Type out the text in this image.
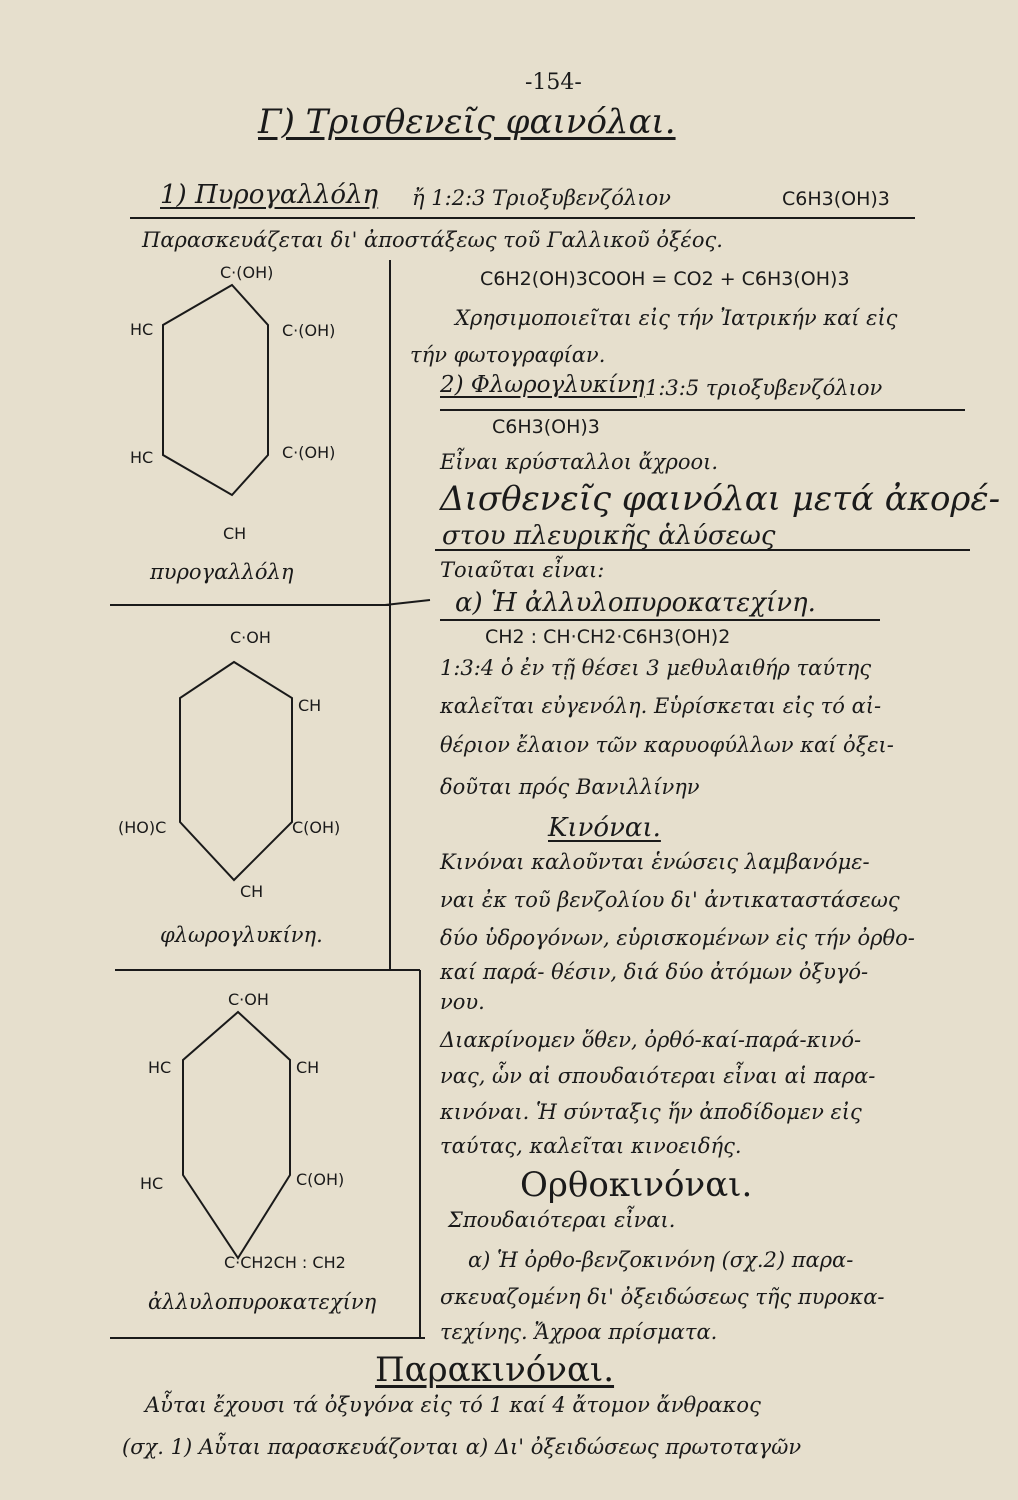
-154-
Γ) Τρισθενεῖς φαινόλαι.
1) Πυρογαλλόλη ἤ 1:2:3 Τριοξυβενζόλιον	C6H3(OH)3
Παρασκευάζεται δι' ἀποστάξεως τοῦ Γαλλικοῦ ὀξέος.
C6H2(OH)3COOH = CO2 + C6H3(OH)3
Χρησιμοποιεῖται εἰς τήν Ἰατρικήν καί εἰς
τήν φωτογραφίαν.
C·(OH)
HC	C·(OH)
HC	C·(OH)
CH
πυρογαλλόλη
2) Φλωρογλυκίνη 1:3:5 τριοξυβενζόλιον
C6H3(OH)3
Εἶναι κρύσταλλοι ἄχροοι.
Δισθενεῖς φαινόλαι μετά ἀκορέ-
στου πλευρικῆς ἁλύσεως
Τοιαῦται εἶναι:
α) Ἡ ἀλλυλοπυροκατεχίνη.
CH2 : CH·CH2·C6H3(OH)2
1:3:4 ὁ ἐν τῇ θέσει 3 μεθυλαιθήρ ταύτης
καλεῖται εὐγενόλη. Εὑρίσκεται εἰς τό αἰ-
θέριον ἔλαιον τῶν καρυοφύλλων καί ὀξει-
δοῦται πρός Βανιλλίνην
C·OH
CH
(HO)C	C(OH)
CH
φλωρογλυκίνη.
Κινόναι.
Κινόναι καλοῦνται ἑνώσεις λαμβανόμε-
ναι ἐκ τοῦ βενζολίου δι' ἀντικαταστάσεως
δύο ὑδρογόνων, εὑρισκομένων εἰς τήν ὀρθο-
καί παρά- θέσιν, διά δύο ἀτόμων ὀξυγό-
νου.
Διακρίνομεν ὅθεν, ὀρθό-καί-παρά-κινό-
νας, ὧν αἱ σπουδαιότεραι εἶναι αἱ παρα-
κινόναι. Ἡ σύνταξις ἥν ἀποδίδομεν εἰς
ταύτας, καλεῖται κινοειδής.
C·OH
HC	CH
HC	C(OH)
C·CH2CH : CH2
ἀλλυλοπυροκατεχίνη
Ορθοκινόναι.
Σπουδαιότεραι εἶναι.
α) Ἡ ὀρθο-βενζοκινόνη (σχ.2) παρα-
σκευαζομένη δι' ὀξειδώσεως τῆς πυροκα-
τεχίνης. Ἄχροα πρίσματα.
Παρακινόναι.
Αὗται ἔχουσι τά ὀξυγόνα εἰς τό 1 καί 4 ἄτομον ἄνθρακος
(σχ. 1) Αὗται παρασκευάζονται α) Δι' ὀξειδώσεως πρωτοταγῶν
